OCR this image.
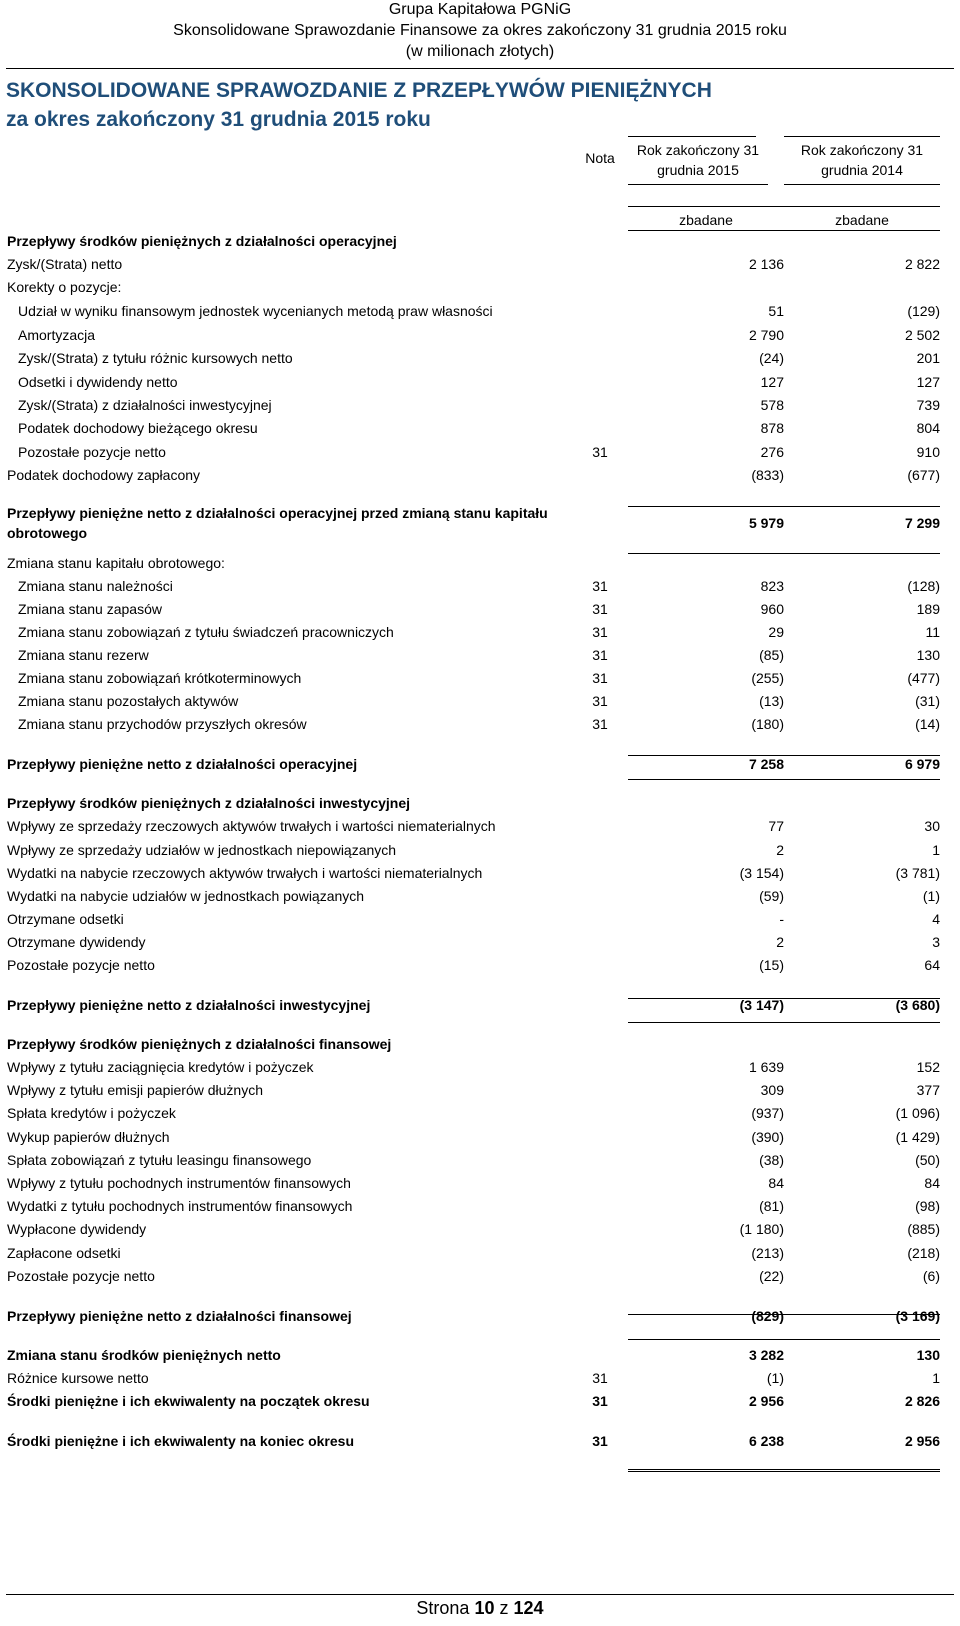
Grupa Kapitałowa PGNiG
Skonsolidowane Sprawozdanie Finansowe za okres zakończony 31 grudnia 2015 roku
(w milionach złotych)
SKONSOLIDOWANE SPRAWOZDANIE Z PRZEPŁYWÓW PIENIĘŻNYCH
za okres zakończony 31 grudnia 2015 roku
Nota	Rok zakończony 31
grudnia 2015
Rok zakończony 31
grudnia 2014
zbadane	zbadane
Przepływy środków pieniężnych z działalności operacyjnej
Zysk/(Strata) netto	2 136	2 822
Korekty o pozycje:
Udział w wyniku finansowym jednostek wycenianych metodą praw własności	51	(129)
Amortyzacja	2 790	2 502
Zysk/(Strata) z tytułu różnic kursowych netto	(24)	201
Odsetki i dywidendy netto	127	127
Zysk/(Strata) z działalności inwestycyjnej	578	739
Podatek dochodowy bieżącego okresu	878	804
Pozostałe pozycje netto	31	276	910
Podatek dochodowy zapłacony	(833)	(677)
Przepływy pieniężne netto z działalności operacyjnej przed zmianą stanu kapitału
obrotowego
5 979	7 299
Zmiana stanu kapitału obrotowego:
Zmiana stanu należności	31	823	(128)
Zmiana stanu zapasów	31	960	189
Zmiana stanu zobowiązań z tytułu świadczeń pracowniczych	31	29	11
Zmiana stanu rezerw	31	(85)	130
Zmiana stanu zobowiązań krótkoterminowych	31	(255)	(477)
Zmiana stanu pozostałych aktywów	31	(13)	(31)
Zmiana stanu przychodów przyszłych okresów	31	(180)	(14)
Przepływy pieniężne netto z działalności operacyjnej	7 258	6 979
Przepływy środków pieniężnych z działalności inwestycyjnej
Wpływy ze sprzedaży rzeczowych aktywów trwałych i wartości niematerialnych	77	30
Wpływy ze sprzedaży udziałów w jednostkach niepowiązanych	2	1
Wydatki na nabycie rzeczowych aktywów trwałych i wartości niematerialnych	(3 154)	(3 781)
Wydatki na nabycie udziałów w jednostkach powiązanych	(59)	(1)
Otrzymane odsetki	-	4
Otrzymane dywidendy	2	3
Pozostałe pozycje netto	(15)	64
Przepływy pieniężne netto z działalności inwestycyjnej	(3 147)	(3 680)
Przepływy środków pieniężnych z działalności finansowej
Wpływy z tytułu zaciągnięcia kredytów i pożyczek	1 639	152
Wpływy z tytułu emisji papierów dłużnych	309	377
Spłata kredytów i pożyczek	(937)	(1 096)
Wykup papierów dłużnych	(390)	(1 429)
Spłata zobowiązań z tytułu leasingu finansowego	(38)	(50)
Wpływy z tytułu pochodnych instrumentów finansowych	84	84
Wydatki z tytułu pochodnych instrumentów finansowych	(81)	(98)
Wypłacone dywidendy	(1 180)	(885)
Zapłacone odsetki	(213)	(218)
Pozostałe pozycje netto	(22)	(6)
Przepływy pieniężne netto z działalności finansowej	(829)	(3 169)
Zmiana stanu środków pieniężnych netto	3 282	130
Różnice kursowe netto	31	(1)	1
Środki pieniężne i ich ekwiwalenty na początek okresu	31	2 956	2 826
Środki pieniężne i ich ekwiwalenty na koniec okresu	31	6 238	2 956
Strona 10 z 124
